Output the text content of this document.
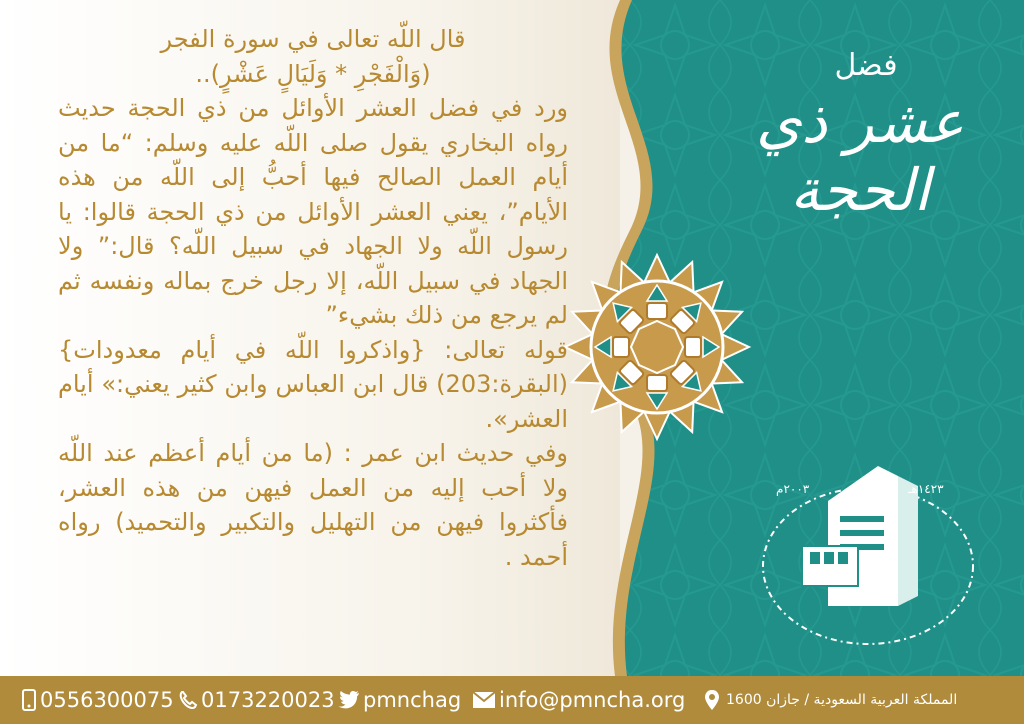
فضل
عشر ذي الحجة

قال اللّه تعالى في سورة الفجر

(وَالْفَجْرِ * وَلَيَالٍ عَشْرٍ)..

ورد في فضل العشر الأوائل من ذي الحجة حديث رواه البخاري يقول صلى اللّه عليه وسلم: “ما من أيام العمل الصالح فيها أحبُّ إلى اللّه من هذه الأيام”، يعني العشر الأوائل من ذي الحجة قالوا: يا رسول اللّه ولا الجهاد في سبيل اللّه؟ قال:” ولا الجهاد في سبيل اللّه، إلا رجل خرج بماله ونفسه ثم لم يرجع من ذلك بشيء”

قوله تعالى: {واذكروا اللّه في أيام معدودات} (البقرة:203) قال ابن العباس وابن كثير يعني:» أيام العشر».

وفي حديث ابن عمر : (ما من أيام أعظم عند اللّه ولا أحب إليه من العمل فيهن من هذه العشر، فأكثروا فيهن من التهليل والتكبير والتحميد) رواه أحمد .

١٤٢٣هـ
٢٠٠٣م
0556300075 0173220023 pmnchag info@pmncha.org	المملكة العربية السعودية / جازان 1600
